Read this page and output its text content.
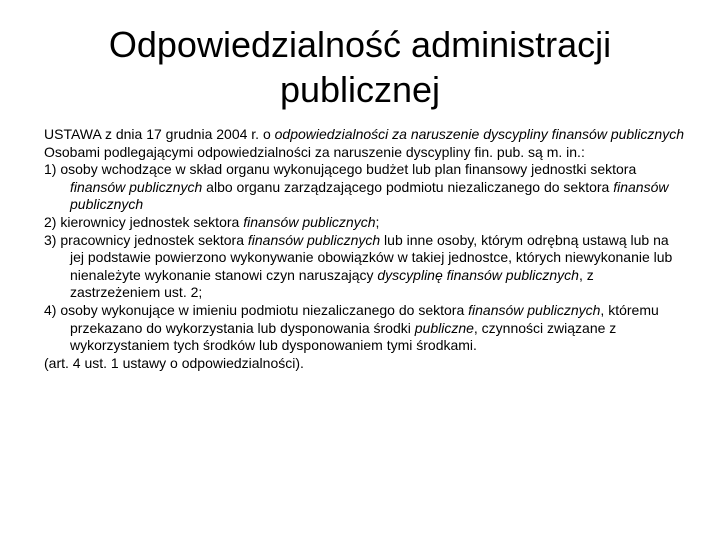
Odpowiedzialność administracji publicznej

USTAWA z dnia 17 grudnia 2004 r. o odpowiedzialności za naruszenie dyscypliny finansów publicznych

Osobami podlegającymi odpowiedzialności za naruszenie dyscypliny fin. pub. są m. in.:

1) osoby wchodzące w skład organu wykonującego budżet lub plan finansowy jednostki sektora finansów publicznych albo organu zarządzającego podmiotu niezaliczanego do sektora finansów publicznych

2) kierownicy jednostek sektora finansów publicznych;

3) pracownicy jednostek sektora finansów publicznych lub inne osoby, którym odrębną ustawą lub na jej podstawie powierzono wykonywanie obowiązków w takiej jednostce, których niewykonanie lub nienależyte wykonanie stanowi czyn naruszający dyscyplinę finansów publicznych, z zastrzeżeniem ust. 2;

4) osoby wykonujące w imieniu podmiotu niezaliczanego do sektora finansów publicznych, któremu przekazano do wykorzystania lub dysponowania środki publiczne, czynności związane z wykorzystaniem tych środków lub dysponowaniem tymi środkami.

(art. 4 ust. 1 ustawy o odpowiedzialności).
